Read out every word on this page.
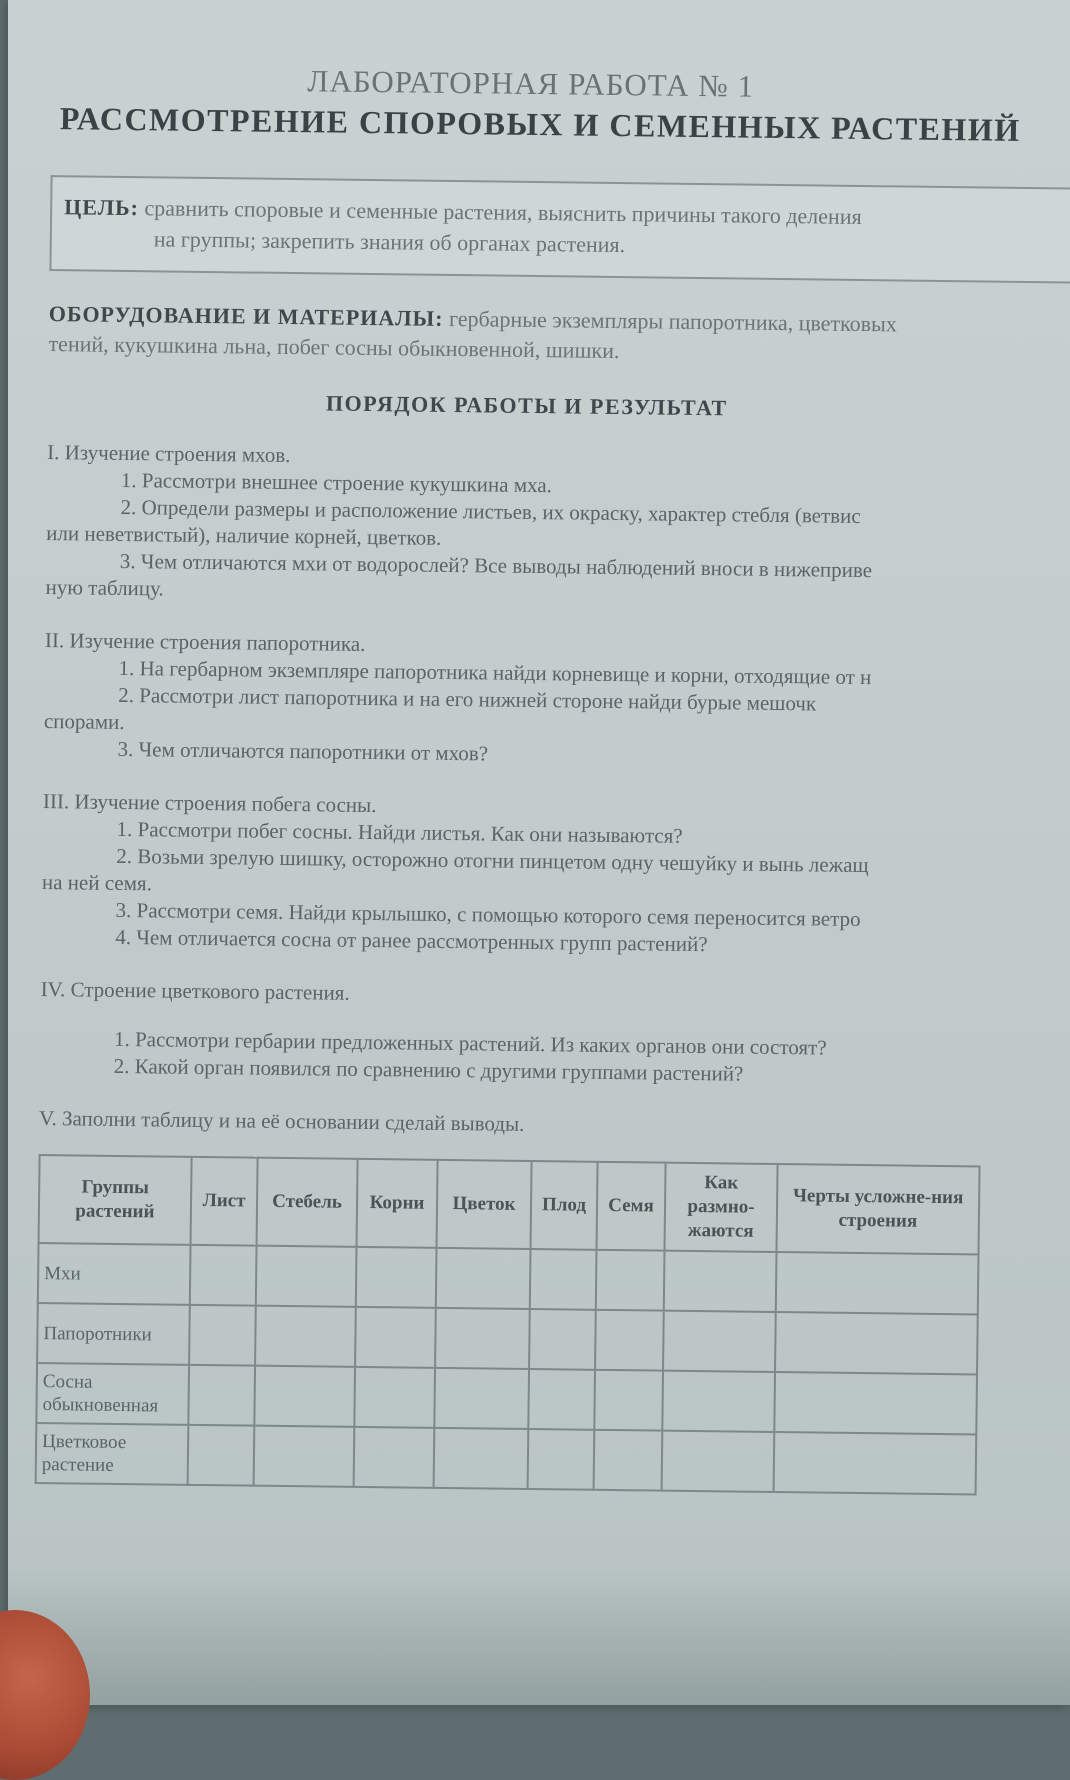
ЛАБОРАТОРНАЯ РАБОТА № 1
РАССМОТРЕНИЕ СПОРОВЫХ И СЕМЕННЫХ РАСТЕНИЙ
ЦЕЛЬ: сравнить споровые и семенные растения, выяснить причины такого деления
на группы; закрепить знания об органах растения.
ОБОРУДОВАНИЕ И МАТЕРИАЛЫ: гербарные экземпляры папоротника, цветковых
тений, кукушкина льна, побег сосны обыкновенной, шишки.
ПОРЯДОК РАБОТЫ И РЕЗУЛЬТАТ
I. Изучение строения мхов.
1. Рассмотри внешнее строение кукушкина мха.
2. Определи размеры и расположение листьев, их окраску, характер стебля (ветвис
или неветвистый), наличие корней, цветков.
3. Чем отличаются мхи от водорослей? Все выводы наблюдений вноси в нижеприве
ную таблицу.
II. Изучение строения папоротника.
1. На гербарном экземпляре папоротника найди корневище и корни, отходящие от н
2. Рассмотри лист папоротника и на его нижней стороне найди бурые мешочк
спорами.
3. Чем отличаются папоротники от мхов?
III. Изучение строения побега сосны.
1. Рассмотри побег сосны. Найди листья. Как они называются?
2. Возьми зрелую шишку, осторожно отогни пинцетом одну чешуйку и вынь лежащ
на ней семя.
3. Рассмотри семя. Найди крылышко, с помощью которого семя переносится ветро
4. Чем отличается сосна от ранее рассмотренных групп растений?
IV. Строение цветкового растения.
1. Рассмотри гербарии предложенных растений. Из каких органов они состоят?
2. Какой орган появился по сравнению с другими группами растений?
V. Заполни таблицу и на её основании сделай выводы.
Группы растений	Лист	Стебель	Корни	Цветок	Плод	Семя	Как размно-жаются	Черты усложне-ния строения
Мхи								
Папоротники								
Сосна обыкновенная								
Цветковое растение								
